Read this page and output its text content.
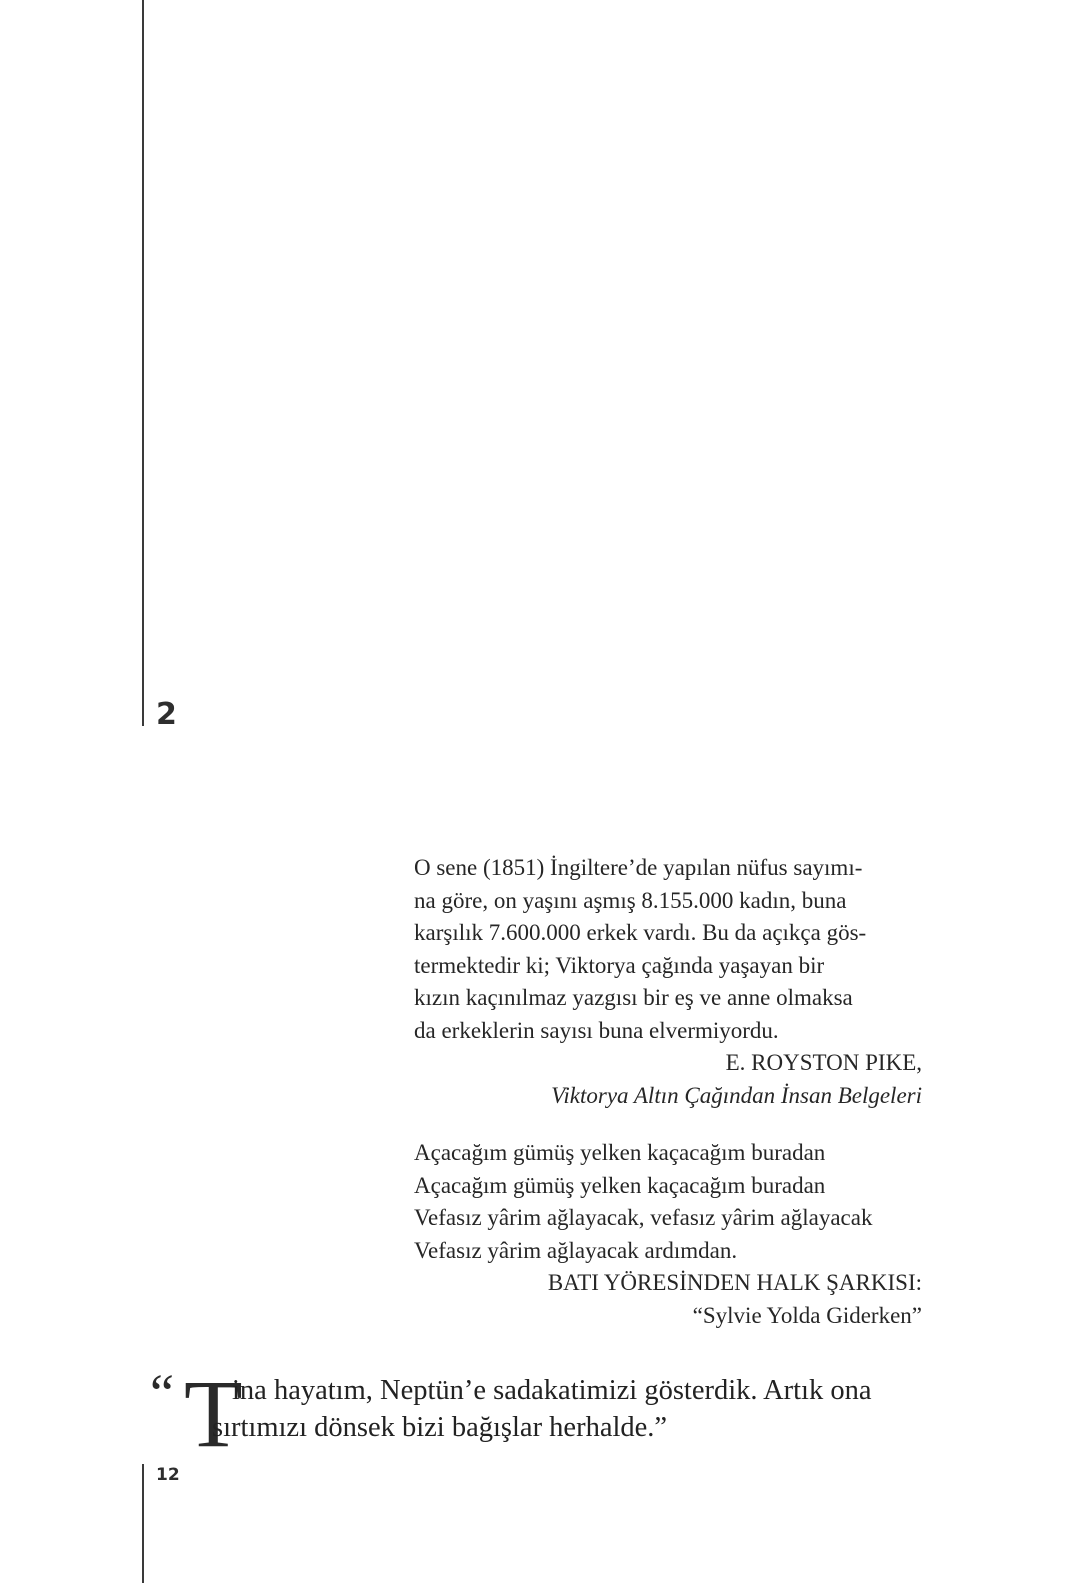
2

O sene (1851) İngiltere’de yapılan nüfus sayımı-
na göre, on yaşını aşmış 8.155.000 kadın, buna
karşılık 7.600.000 erkek vardı. Bu da açıkça gös-
termektedir ki; Viktorya çağında yaşayan bir
kızın kaçınılmaz yazgısı bir eş ve anne olmaksa
da erkeklerin sayısı buna elvermiyordu.

E. ROYSTON PIKE,

Viktorya Altın Çağından İnsan Belgeleri

Açacağım gümüş yelken kaçacağım buradan
Açacağım gümüş yelken kaçacağım buradan
Vefasız yârim ağlayacak, vefasız yârim ağlayacak
Vefasız yârim ağlayacak ardımdan.

BATI YÖRESİNDEN HALK ŞARKISI:

“Sylvie Yolda Giderken”

“ T
ina hayatım, Neptün’e sadakatimizi gösterdik. Artık ona
sırtımızı dönsek bizi bağışlar herhalde.”
12
